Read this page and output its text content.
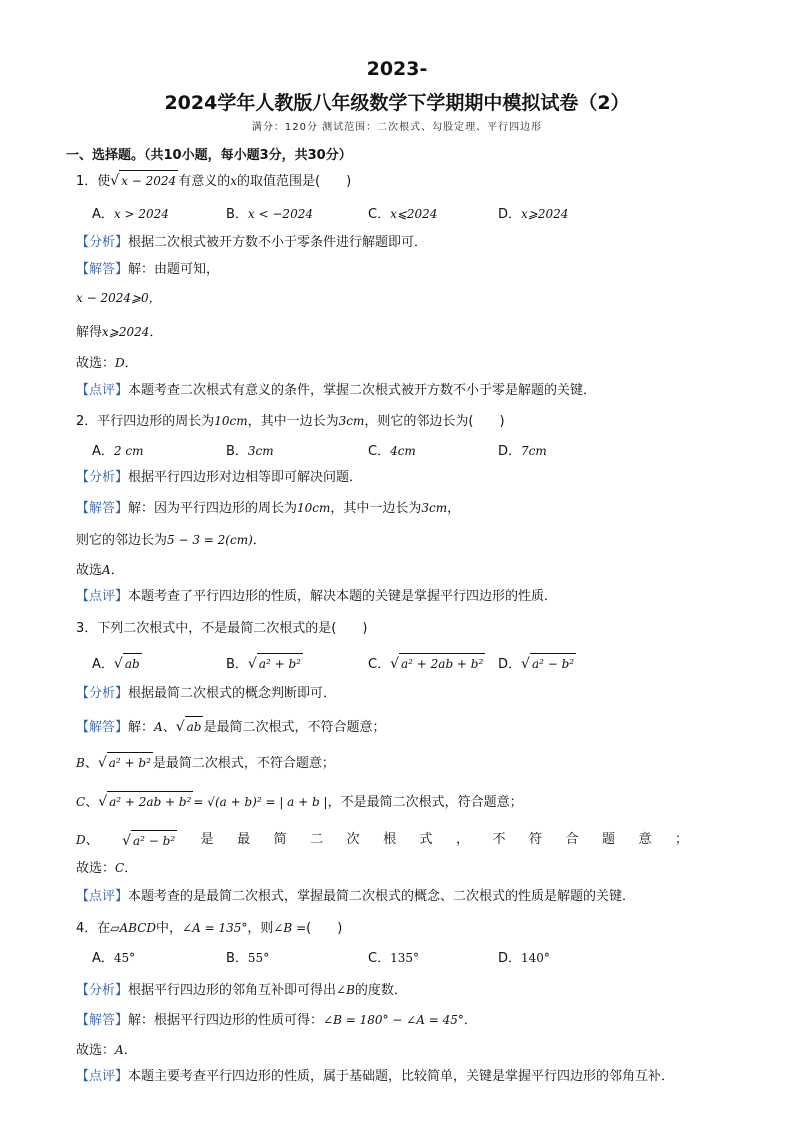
2023-
2024学年人教版八年级数学下学期期中模拟试卷（2）
满分：120分 测试范围：二次根式、勾股定理、平行四边形
一、选择题。（共10小题，每小题3分，共30分）
1．使√ x − 2024 有意义的x的取值范围是(　　)
A．x > 2024	B．x < −2024	C．x⩽2024	D．x⩾2024
【分析】根据二次根式被开方数不小于零条件进行解题即可．
【解答】解：由题可知，
x − 2024⩾0，
解得x⩾2024．
故选：D．
【点评】本题考查二次根式有意义的条件，掌握二次根式被开方数不小于零是解题的关键．
2．平行四边形的周长为10cm，其中一边长为3cm，则它的邻边长为(　　)
A．2 cm	B．3cm	C．4cm	D．7cm
【分析】根据平行四边形对边相等即可解决问题．
【解答】解：因为平行四边形的周长为10cm，其中一边长为3cm，
则它的邻边长为5 − 3 = 2(cm)．
故选A．
【点评】本题考查了平行四边形的性质，解决本题的关键是掌握平行四边形的性质．
3．下列二次根式中，不是最简二次根式的是(　　)
A．√ ab	B．√ a² + b²	C．√ a² + 2ab + b² D．√ a² − b²
【分析】根据最简二次根式的概念判断即可．
【解答】解：A、√ ab 是最简二次根式，不符合题意；
B、√ a² + b² 是最简二次根式，不符合题意；
C、√ a² + 2ab + b² = √(a + b)² = | a + b |，不是最简二次根式，符合题意；
D、 √ a² − b² 是 最 简 二 次 根 式 ， 不 符 合 题 意 ；
故选：C．
【点评】本题考查的是最简二次根式，掌握最简二次根式的概念、二次根式的性质是解题的关键．
4．在▱ABCD中，∠A = 135°，则∠B =(　　)
A．45°	B．55°	C．135°	D．140°
【分析】根据平行四边形的邻角互补即可得出∠B的度数．
【解答】解：根据平行四边形的性质可得：∠B = 180° − ∠A = 45°．
故选：A．
【点评】本题主要考查平行四边形的性质，属于基础题，比较简单，关键是掌握平行四边形的邻角互补．
